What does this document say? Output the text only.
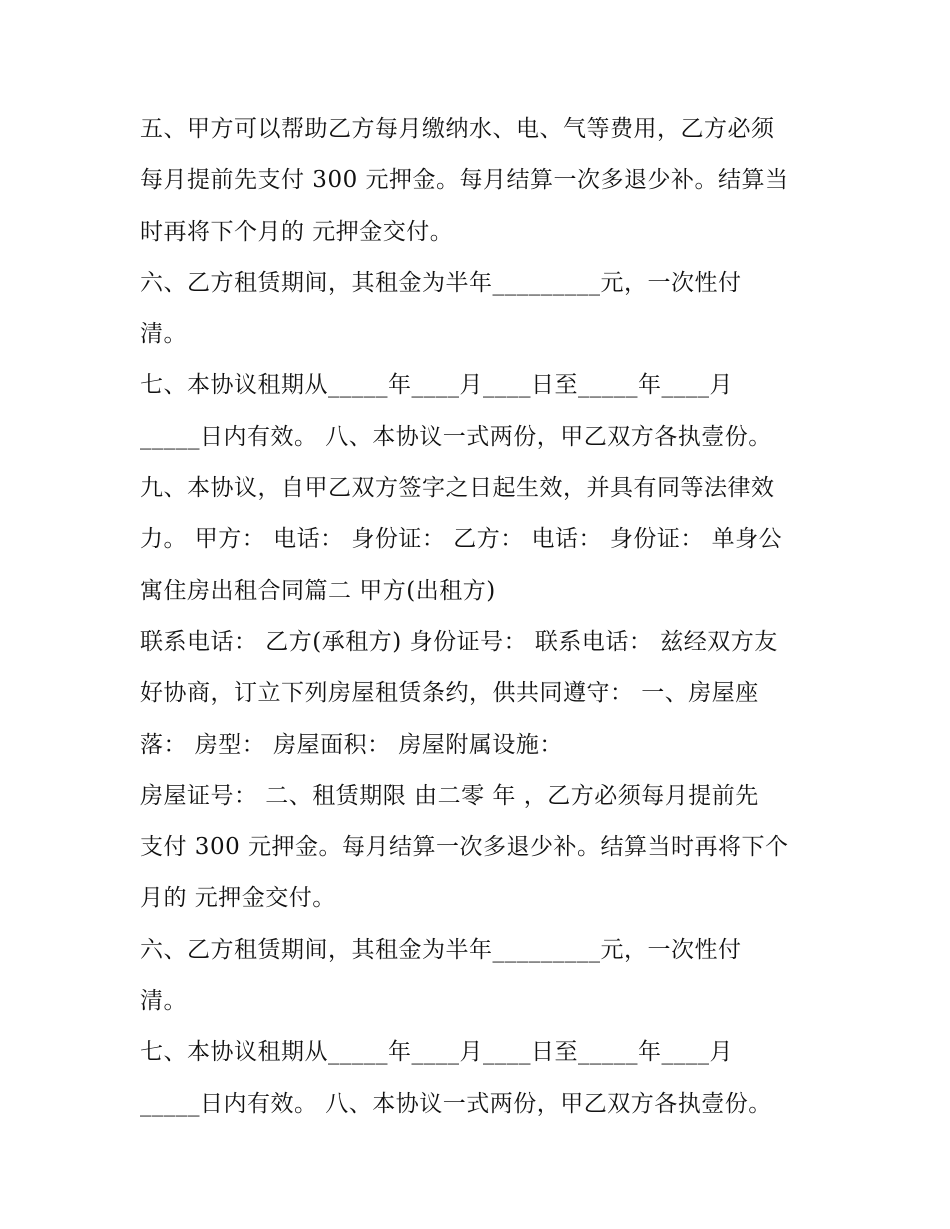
五、甲方可以帮助乙方每月缴纳水、电、气等费用，乙方必须
每月提前先支付 300 元押金。每月结算一次多退少补。结算当
时再将下个月的 元押金交付。
六、乙方租赁期间，其租金为半年_________元，一次性付
清。
七、本协议租期从_____年____月____日至_____年____月
_____日内有效。 八、本协议一式两份，甲乙双方各执壹份。
九、本协议，自甲乙双方签字之日起生效，并具有同等法律效
力。 甲方： 电话： 身份证： 乙方： 电话： 身份证： 单身公
寓住房出租合同篇二 甲方(出租方)
联系电话： 乙方(承租方) 身份证号： 联系电话： 兹经双方友
好协商，订立下列房屋租赁条约，供共同遵守： 一、房屋座
落： 房型： 房屋面积： 房屋附属设施：
房屋证号： 二、租赁期限 由二零 年 ，乙方必须每月提前先
支付 300 元押金。每月结算一次多退少补。结算当时再将下个
月的 元押金交付。
六、乙方租赁期间，其租金为半年_________元，一次性付
清。
七、本协议租期从_____年____月____日至_____年____月
_____日内有效。 八、本协议一式两份，甲乙双方各执壹份。
